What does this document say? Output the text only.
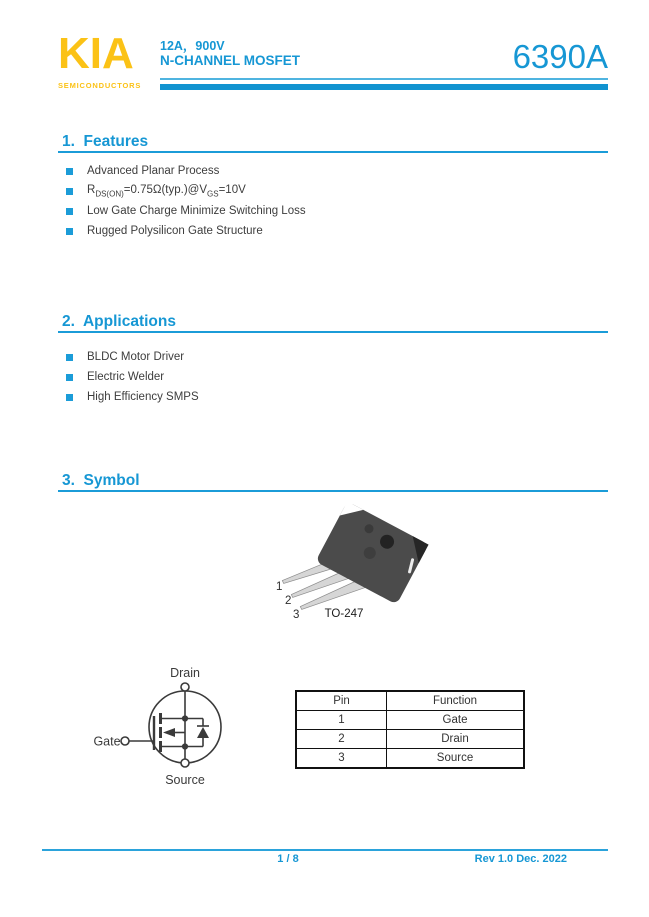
KIA
SEMICONDUCTORS
12A，900V
N-CHANNEL MOSFET	6390A
1.  Features
Advanced Planar Process
$R_{DS(ON)}=0.75\Omega(typ.)@V_{GS}=10V$
Low Gate Charge Minimize Switching Loss
Rugged Polysilicon Gate Structure
2.  Applications
BLDC Motor Driver
Electric Welder
High Efficiency SMPS
3.  Symbol
1
2
3	TO-247
Drain
Gate
Source
Pin	Function
1	Gate
2	Drain
3	Source
1 / 8	Rev 1.0 Dec. 2022
